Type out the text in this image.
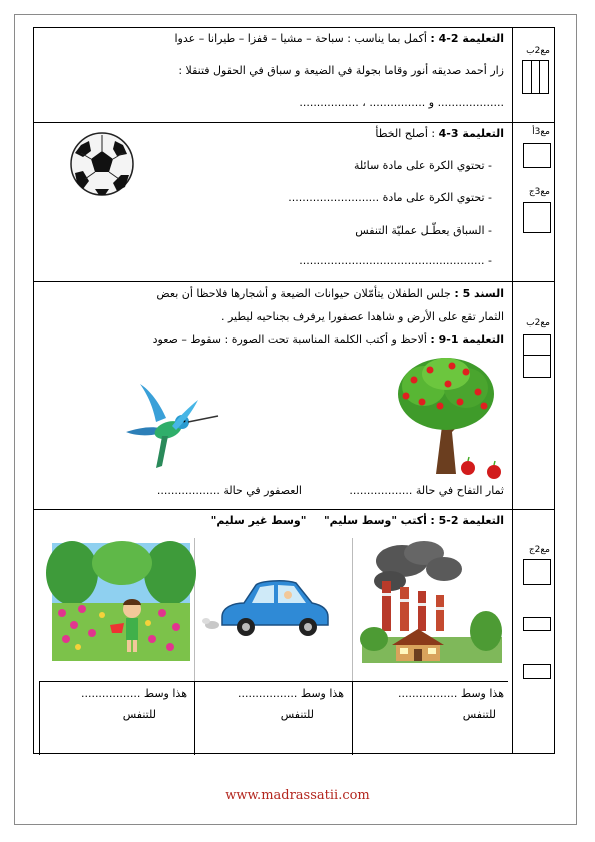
التعليمة 2-4 : أكمل بما يناسب : سباحة – مشيا – قفزا – طيرانا – عدوا
زار أحمد صديقه أنور وقاما بجولة في الضيعة و سباق في الحقول فتنقلا :
................... و ................ ، .................
مع2ب
التعليمة 3-4 : أصلح الخطأ
- تحتوي الكرة على مادة سائلة
- تحتوي الكرة على مادة ..........................
- السباق يعطّـل عمليّة التنفس
- .....................................................
مع3أ
مع3ج
السند 5 : جلس الطفلان يتأمّلان حيوانات الضيعة و أشجارها فلاحظا أن بعض
الثمار تقع على الأرض و شاهدا عصفورا يرفرف بجناحيه ليطير .
التعليمة 1-9 : ألاحظ و أكتب الكلمة المناسبة تحت الصورة : سقوط – صعود
ثمار التفاح في حالة ..................
العصفور في حالة ..................
مع2ب
التعليمة 2-5 : أكتب "وسط سليم"     "وسط غير سليم"
هذا وسط .................
للتنفس
هذا وسط .................
للتنفس
هذا وسط .................
للتنفس
مع2ج
www.madrassatii.com
